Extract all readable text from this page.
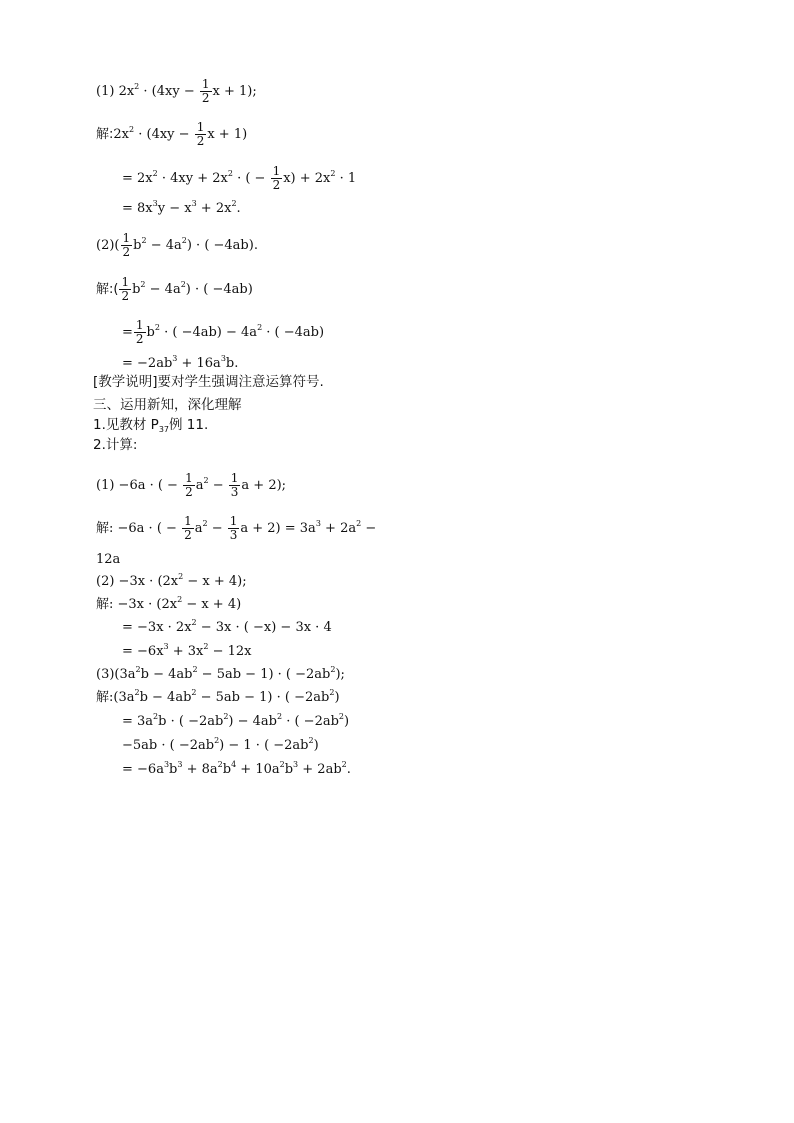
(1) $2x^2 \cdot (4xy - \frac{1}{2}$ x + 1);
解$:2x^2 \cdot (4xy - \frac{1}{2}$ x + 1)
= $2x^2 \cdot 4xy + 2x^2$ · ( − $\frac{1}{2} x) + 2x^2 \cdot 1$
= $8x^3y - x^3 + 2x^2$.
$(2)( \frac{1}{2} b^2 - 4a^2)$ · ( −4ab).
解:( $\frac{1}{2} b^2 - 4a^2$) · ( −4ab)
= $\frac{1}{2} b^2$ · ( $-4ab) - 4a^2$ · ( −4ab)
= $-2ab^3 + 16a^3b$.
[教学说明]要对学生强调注意运算符号.
三、运用新知，深化理解
1.见教材 $P_{37}$例 11.
2.计算:
(1) −6a · ( − $\frac{1}{2} a^2 - \frac{1}{3}$ a + 2);
解: −6a · ( − $\frac{1}{2} a^2 - \frac{1}{3}$ $a + 2) = 3a^3 + 2a^2$ −
12a
$(2) -3x \cdot (2x^2 - x + 4)$;
解: $-3x \cdot (2x^2 - x + 4)$
= $-3x \cdot 2x^2 - 3x$ · ( −x) − 3x · 4
= $-6x^3 + 3x^2 - 12x$
$(3)(3a^2b - 4ab^2 - 5ab - 1)$ · ( $-2ab^2$);
解$:(3a^2b - 4ab^2 - 5ab - 1)$ · ( $-2ab^2$)
= $3a^2b$ · ( $-2ab^2) - 4ab^2$ · ( $-2ab^2$)
−5ab · ( $-2ab^2) - 1$ · ( $-2ab^2$)
= $-6a^3b^3 + 8a^2b^4 + 10a^2b^3 + 2ab^2$.
